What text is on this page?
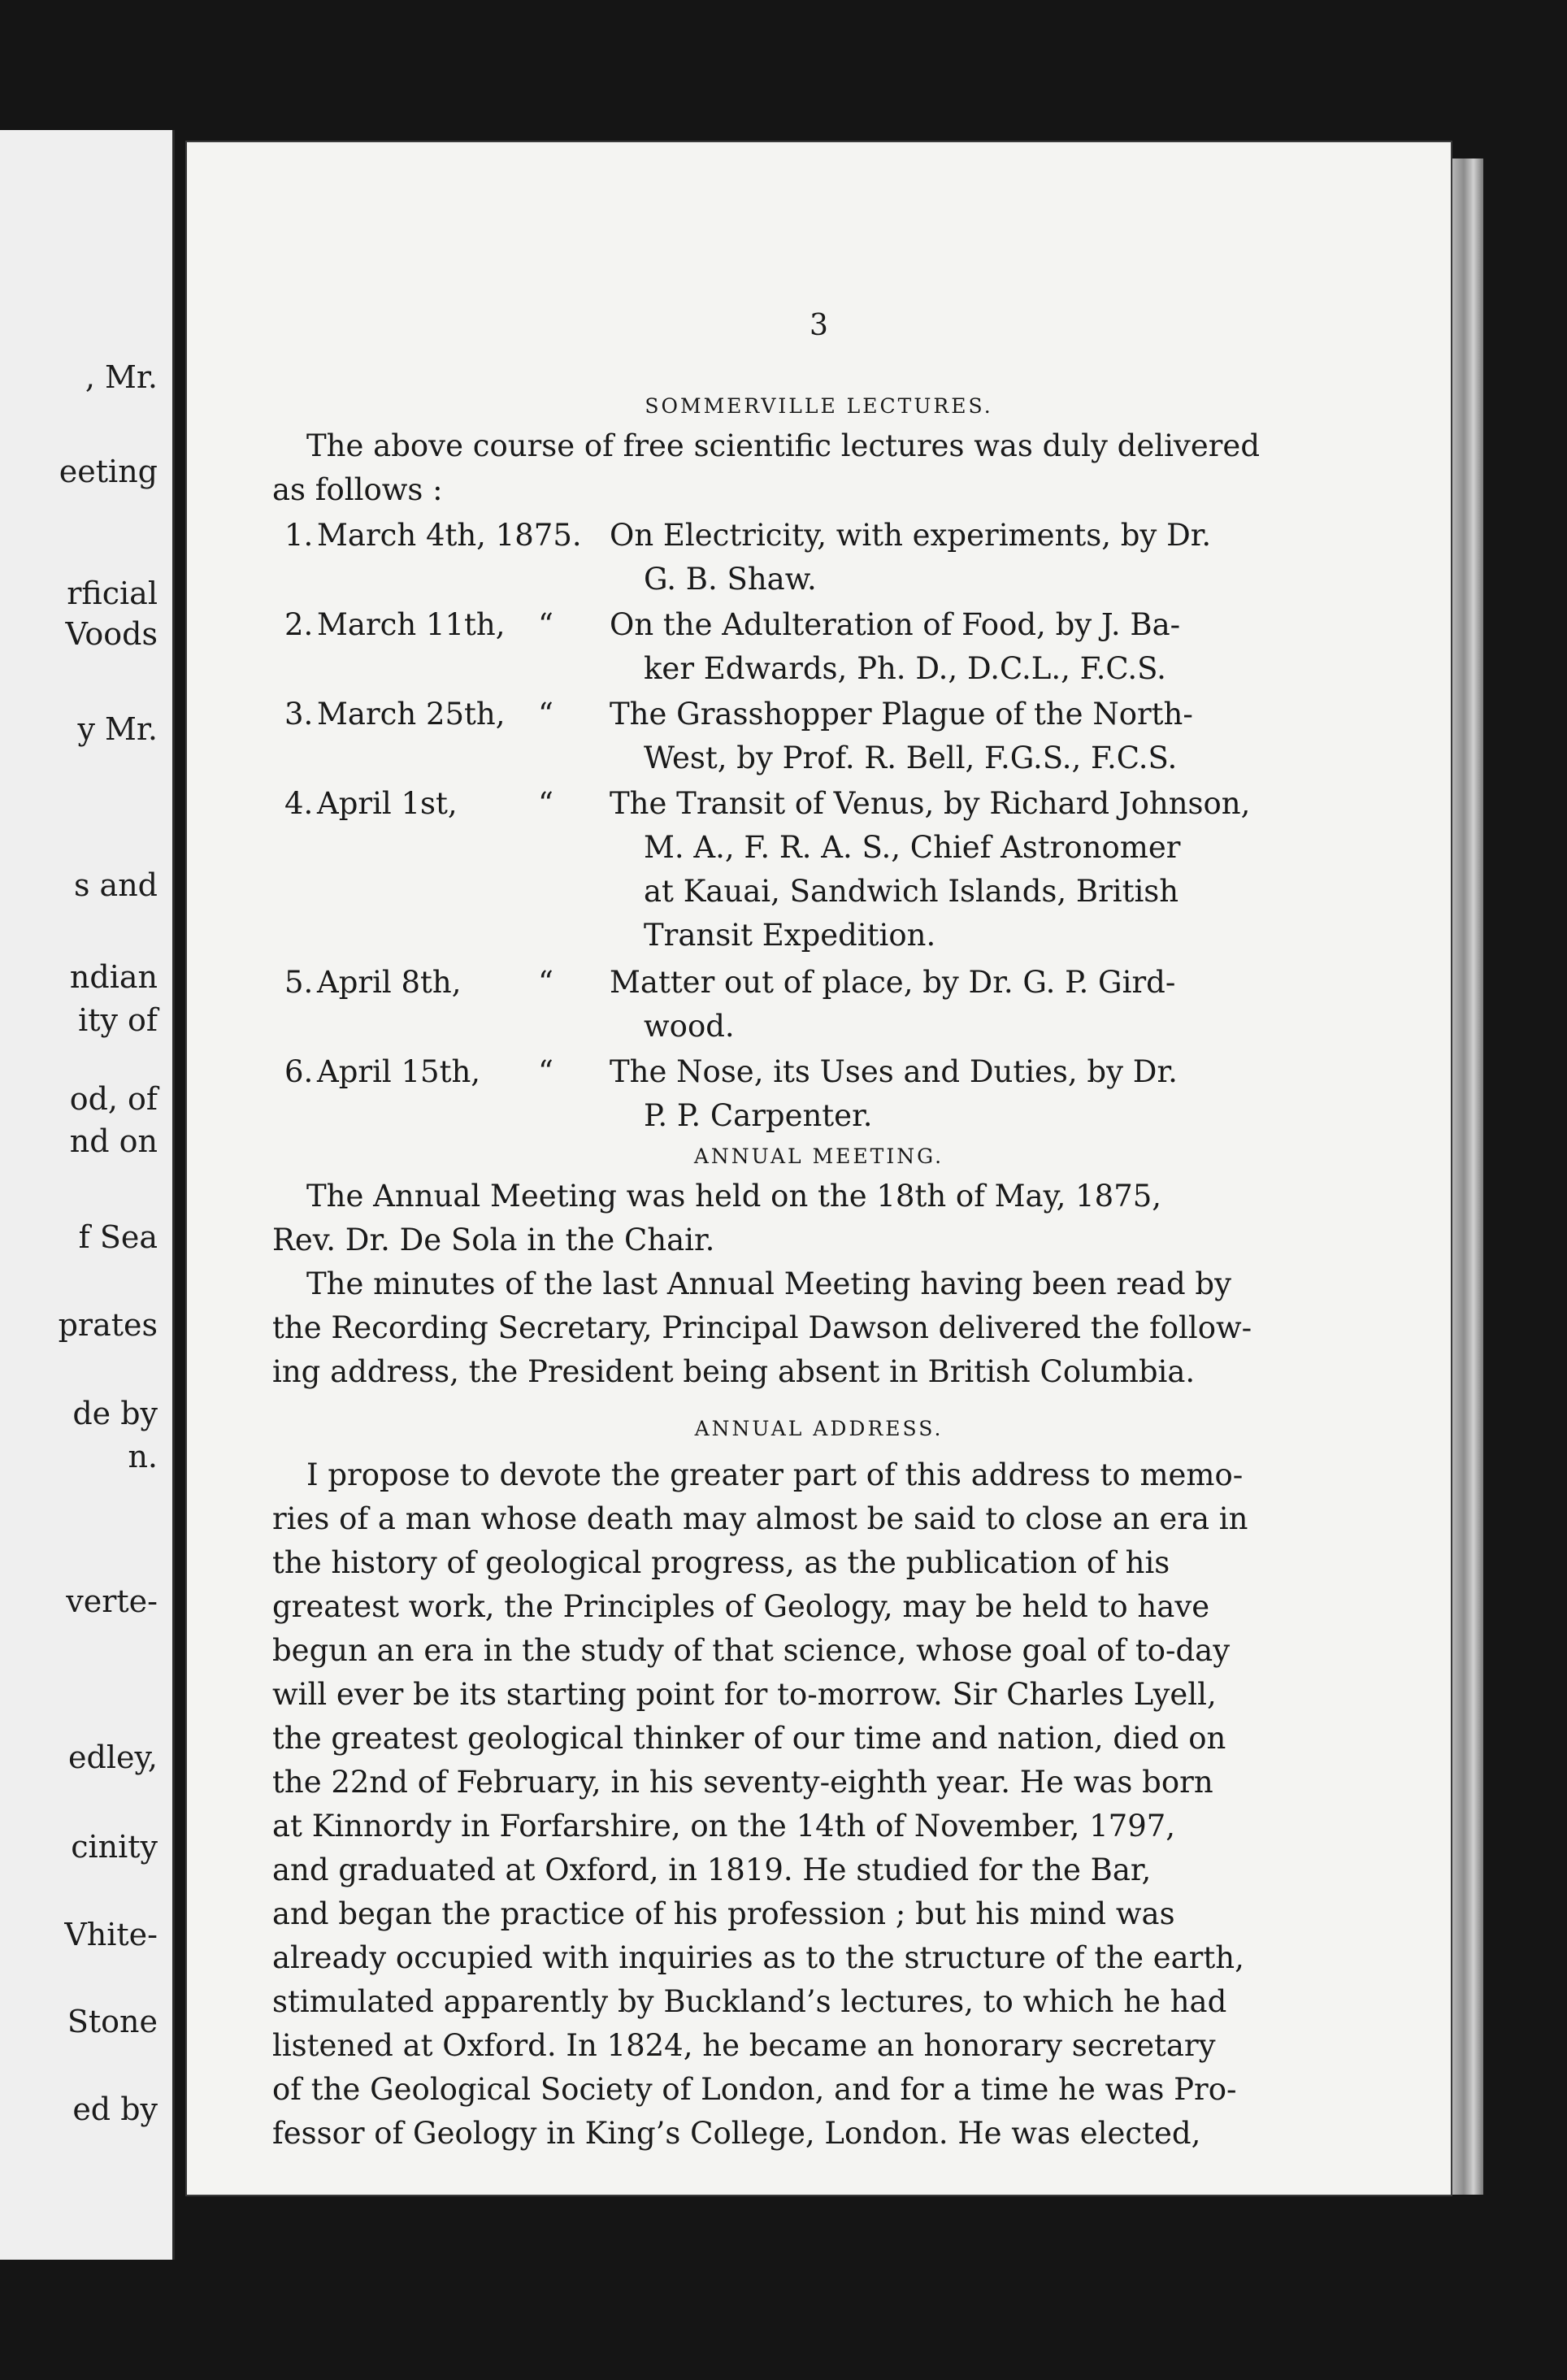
, Mr.
eeting
rficial
Voods
y Mr.
s and
ndian
ity of
od, of
nd on
f Sea
prates
de by
n.
verte-
edley,
cinity
Vhite-
Stone
ed by
3
SOMMERVILLE LECTURES.
The above course of free scientific lectures was duly delivered
as follows :
1. March 4th, 1875. On Electricity, with experiments, by Dr.
G. B. Shaw.
2. March 11th, “ On the Adulteration of Food, by J. Ba-
ker Edwards, Ph. D., D.C.L., F.C.S.
3. March 25th, “ The Grasshopper Plague of the North-
West, by Prof. R. Bell, F.G.S., F.C.S.
4. April 1st,	“ The Transit of Venus, by Richard Johnson,
M. A., F. R. A. S., Chief Astronomer
at Kauai, Sandwich Islands, British
Transit Expedition.
5. April 8th,	“ Matter out of place, by Dr. G. P. Gird-
wood.
6. April 15th, “ The Nose, its Uses and Duties, by Dr.
P. P. Carpenter.
ANNUAL MEETING.
The Annual Meeting was held on the 18th of May, 1875,
Rev. Dr. De Sola in the Chair.
The minutes of the last Annual Meeting having been read by
the Recording Secretary, Principal Dawson delivered the follow-
ing address, the President being absent in British Columbia.
ANNUAL ADDRESS.
I propose to devote the greater part of this address to memo-
ries of a man whose death may almost be said to close an era in
the history of geological progress, as the publication of his
greatest work, the Principles of Geology, may be held to have
begun an era in the study of that science, whose goal of to-day
will ever be its starting point for to-morrow. Sir Charles Lyell,
the greatest geological thinker of our time and nation, died on
the 22nd of February, in his seventy-eighth year. He was born
at Kinnordy in Forfarshire, on the 14th of November, 1797,
and graduated at Oxford, in 1819. He studied for the Bar,
and began the practice of his profession ; but his mind was
already occupied with inquiries as to the structure of the earth,
stimulated apparently by Buckland’s lectures, to which he had
listened at Oxford. In 1824, he became an honorary secretary
of the Geological Society of London, and for a time he was Pro-
fessor of Geology in King’s College, London. He was elected,
